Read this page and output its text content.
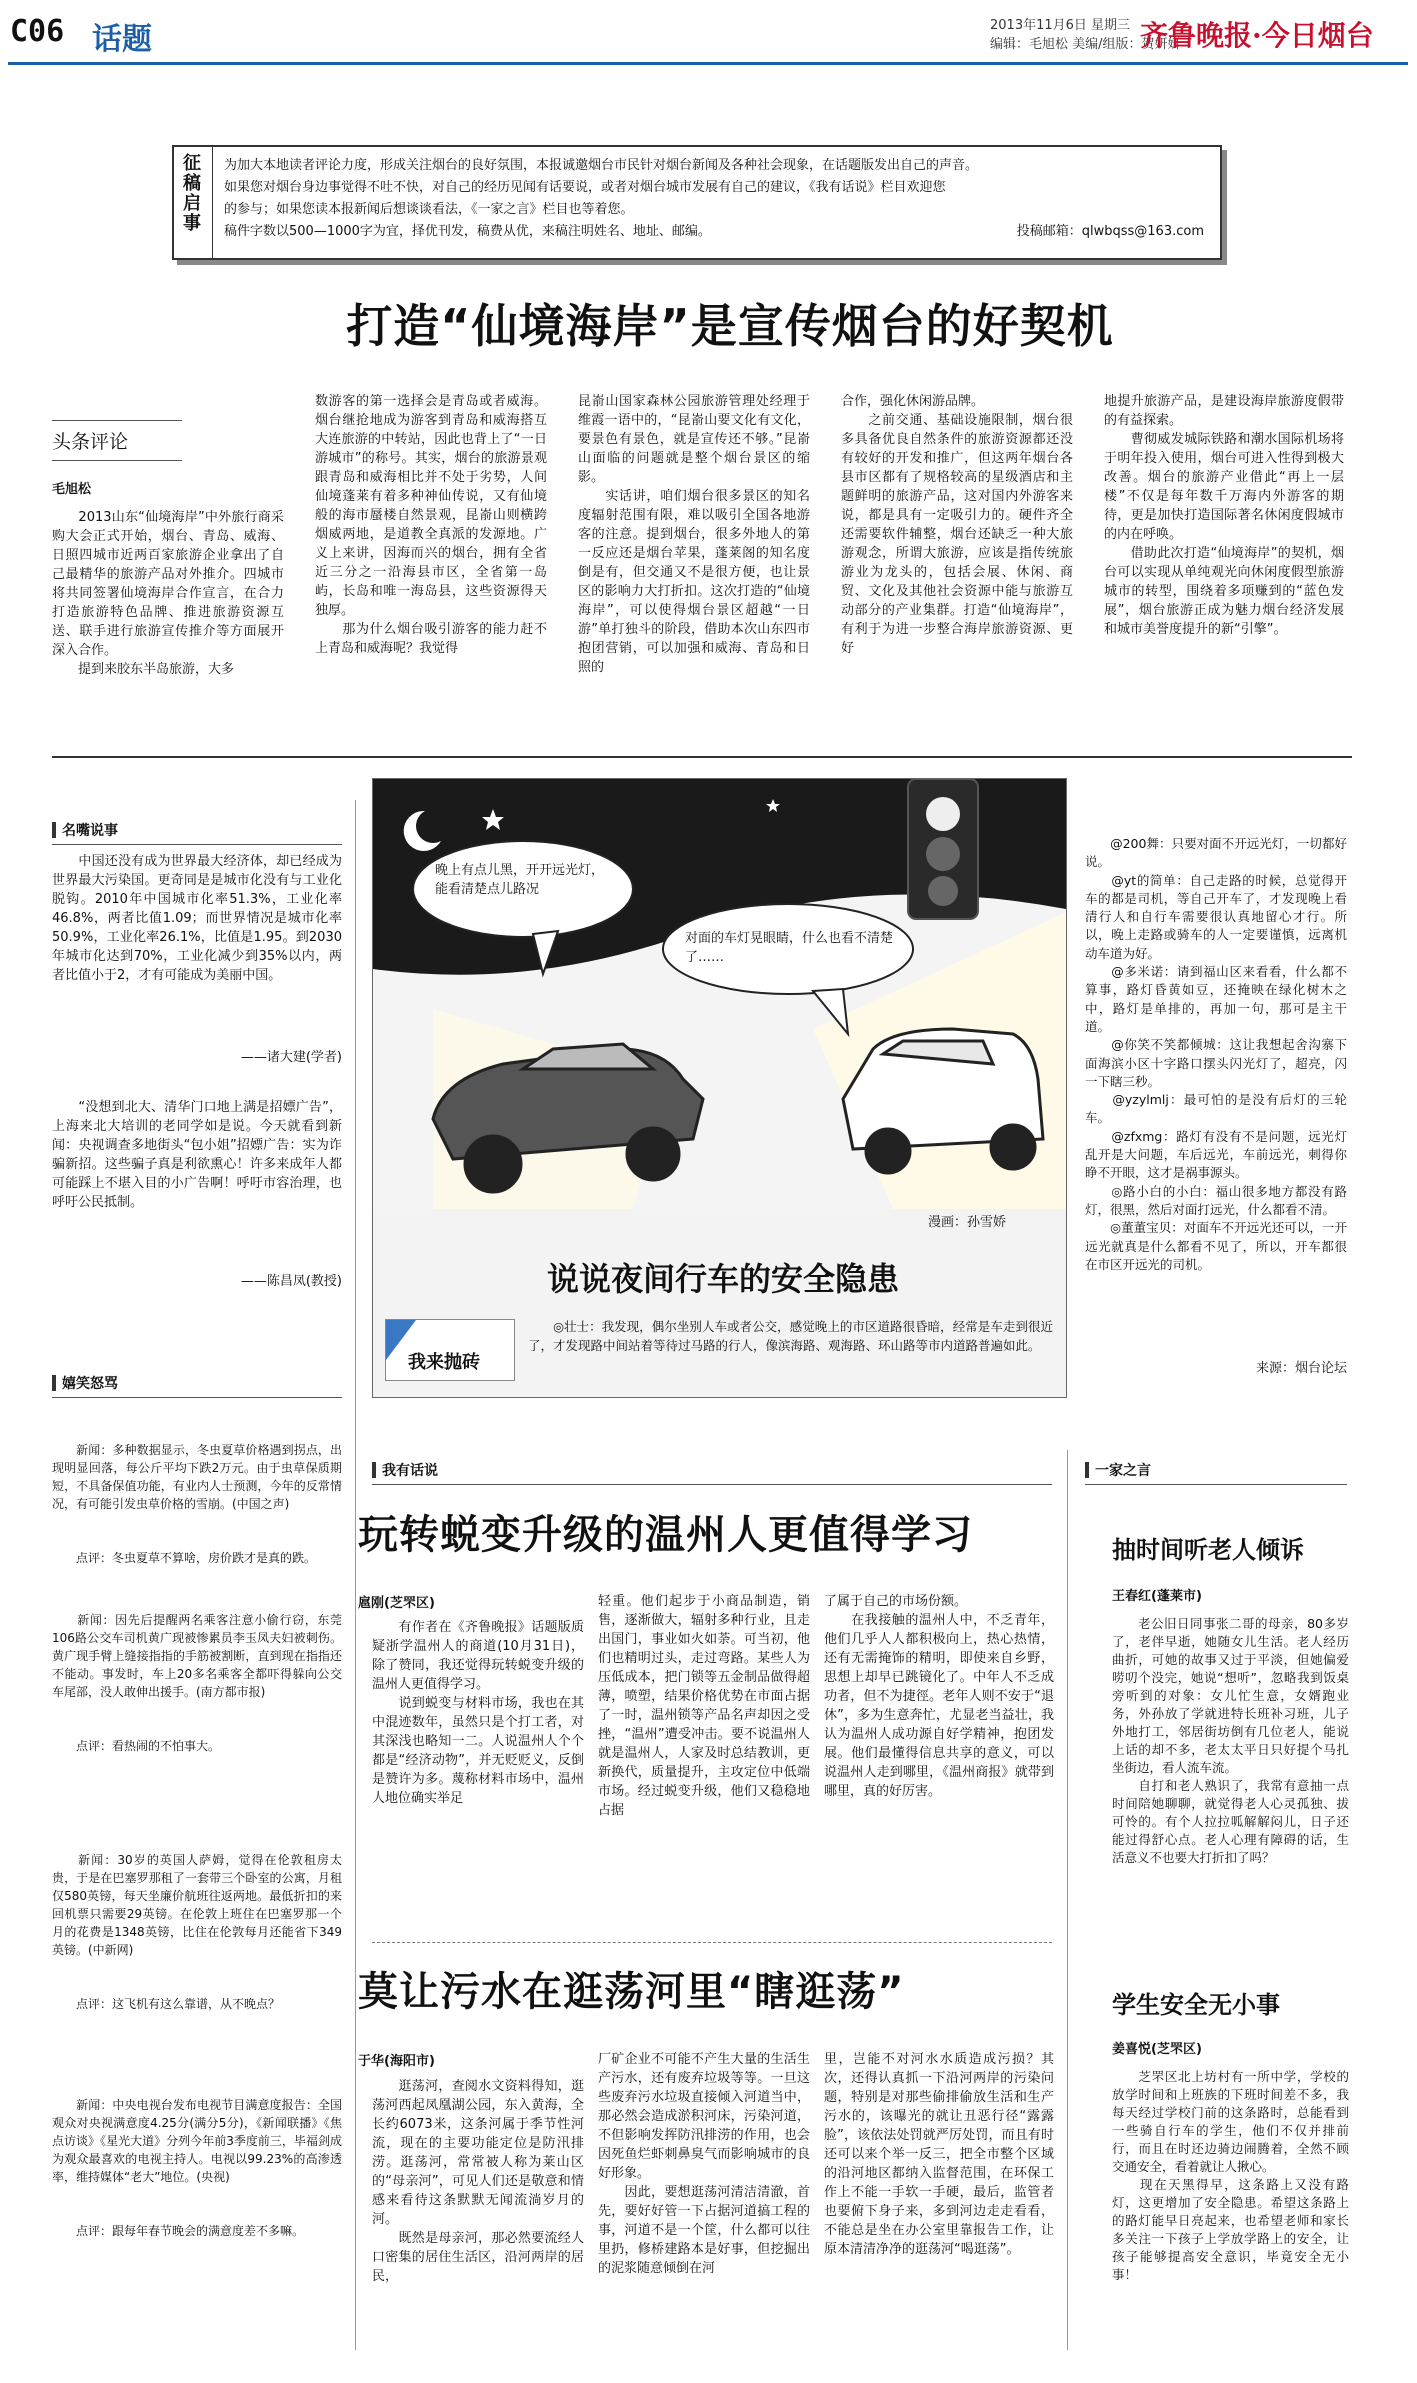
C06 话题	2013年11月6日 星期三
编辑：毛旭松 美编/组版：贺妍妍
齐鲁晚报·今日烟台
征稿启事 为加大本地读者评论力度，形成关注烟台的良好氛围，本报诚邀烟台市民针对烟台新闻及各种社会现象，在话题版发出自己的声音。
如果您对烟台身边事觉得不吐不快，对自己的经历见闻有话要说，或者对烟台城市发展有自己的建议，《我有话说》栏目欢迎您
的参与；如果您读本报新闻后想谈谈看法，《一家之言》栏目也等着您。
稿件字数以500—1000字为宜，择优刊发，稿费从优，来稿注明姓名、地址、邮编。	投稿邮箱：qlwbqss@163.com
打造“仙境海岸”是宣传烟台的好契机
头条评论
毛旭松
　　2013山东“仙境海岸”中外旅行商采购大会正式开始，烟台、青岛、威海、日照四城市近两百家旅游企业拿出了自己最精华的旅游产品对外推介。四城市将共同签署仙境海岸合作宣言，在合力打造旅游特色品牌、推进旅游资源互送、联手进行旅游宣传推介等方面展开深入合作。
　　提到来胶东半岛旅游，大多
数游客的第一选择会是青岛或者威海。烟台继抢地成为游客到青岛和威海搭互大连旅游的中转站，因此也背上了“一日游城市”的称号。其实，烟台的旅游景观跟青岛和威海相比并不处于劣势，人间仙境蓬莱有着多种神仙传说，又有仙境般的海市蜃楼自然景观，昆嵛山则横跨烟威两地，是道教全真派的发源地。广义上来讲，因海而兴的烟台，拥有全省近三分之一沿海县市区，全省第一岛屿，长岛和唯一海岛县，这些资源得天独厚。
　　那为什么烟台吸引游客的能力赶不上青岛和威海呢？我觉得
昆嵛山国家森林公园旅游管理处经理于维霞一语中的，“昆嵛山要文化有文化，要景色有景色，就是宣传还不够。”昆嵛山面临的问题就是整个烟台景区的缩影。
　　实话讲，咱们烟台很多景区的知名度辐射范围有限，难以吸引全国各地游客的注意。提到烟台，很多外地人的第一反应还是烟台苹果，蓬莱阁的知名度倒是有，但交通又不是很方便，也让景区的影响力大打折扣。这次打造的“仙境海岸”，可以使得烟台景区超越“一日游”单打独斗的阶段，借助本次山东四市抱团营销，可以加强和威海、青岛和日照的
合作，强化休闲游品牌。
　　之前交通、基础设施限制，烟台很多具备优良自然条件的旅游资源都还没有较好的开发和推广，但这两年烟台各县市区都有了规格较高的星级酒店和主题鲜明的旅游产品，这对国内外游客来说，都是具有一定吸引力的。硬件齐全还需要软件辅整，烟台还缺乏一种大旅游观念，所谓大旅游，应该是指传统旅游业为龙头的，包括会展、休闲、商贸、文化及其他社会资源中能与旅游互动部分的产业集群。打造“仙境海岸”，有利于为进一步整合海岸旅游资源、更好
地提升旅游产品，是建设海岸旅游度假带的有益探索。
　　曹彻威发城际铁路和潮水国际机场将于明年投入使用，烟台可进入性得到极大改善。烟台的旅游产业借此“再上一层楼”不仅是每年数千万海内外游客的期待，更是加快打造国际著名休闲度假城市的内在呼唤。
　　借助此次打造“仙境海岸”的契机，烟台可以实现从单纯观光向休闲度假型旅游城市的转型，围绕着多项赚到的“蓝色发展”，烟台旅游正成为魅力烟台经济发展和城市美誉度提升的新“引擎”。
名嘴说事
　　中国还没有成为世界最大经济体，却已经成为世界最大污染国。更奇同是是城市化没有与工业化脱钩。2010年中国城市化率51.3%，工业化率46.8%，两者比值1.09；而世界情况是城市化率50.9%，工业化率26.1%，比值是1.95。到2030年城市化达到70%，工业化减少到35%以内，两者比值小于2，才有可能成为美丽中国。
——诸大建(学者)
　　“没想到北大、清华门口地上满是招嫖广告”，上海来北大培训的老同学如是说。今天就看到新闻：央视调查多地街头“包小姐”招嫖广告：实为诈骗新招。这些骗子真是利欲熏心！许多来成年人都可能踩上不堪入目的小广告啊！呼吁市容治理，也呼吁公民抵制。
——陈昌凤(教授)
嬉笑怒骂

　　新闻：多种数据显示，冬虫夏草价格遇到拐点，出现明显回落，每公斤平均下跌2万元。由于虫草保质期短，不具备保值功能，有业内人士预测，今年的反常情况，有可能引发虫草价格的雪崩。(中国之声)

　　点评：冬虫夏草不算啥，房价跌才是真的跌。

　　新闻：因先后提醒两名乘客注意小偷行窃，东莞106路公交车司机黄广现被惨累员李玉凤夫妇被刺伤。黄广现手臂上缝接指指的手筋被割断，直到现在指指还不能动。事发时，车上20多名乘客全都吓得躲向公交车尾部，没人敢伸出援手。(南方都市报)

　　点评：看热闹的不怕事大。

　　新闻：30岁的英国人萨姆，觉得在伦敦租房太贵，于是在巴塞罗那租了一套带三个卧室的公寓，月租仅580英镑，每天坐廉价航班往返两地。最低折扣的来回机票只需要29英镑。在伦敦上班住在巴塞罗那一个月的花费是1348英镑，比住在伦敦每月还能省下349英镑。(中新网)

　　点评：这飞机有这么靠谱，从不晚点？

　　新闻：中央电视台发布电视节目满意度报告：全国观众对央视满意度4.25分(满分5分)，《新闻联播》《焦点访谈》《星光大道》分列今年前3季度前三，毕福剑成为观众最喜欢的电视主持人。电视以99.23%的高渗透率，维持媒体“老大”地位。(央视)

　　点评：跟每年春节晚会的满意度差不多嘛。

晚上有点儿黑，开开远光灯，能看清楚点儿路况
对面的车灯晃眼睛，什么也看不清楚了……
漫画：孙雪娇
说说夜间行车的安全隐患
我来抛砖
　　◎壮士：我发现，偶尔坐别人车或者公交，感觉晚上的市区道路很昏暗，经常是车走到很近了，才发现路中间站着等待过马路的行人，像滨海路、观海路、环山路等市内道路普遍如此。
　　@200舞：只要对面不开远光灯，一切都好说。
　　@yt的简单：自己走路的时候，总觉得开车的都是司机，等自己开车了，才发现晚上看清行人和自行车需要很认真地留心才行。所以，晚上走路或骑车的人一定要谨慎，远离机动车道为好。
　　@多米诺：请到福山区来看看，什么都不算事，路灯昏黄如豆，还掩映在绿化树木之中，路灯是单排的，再加一句，那可是主干道。
　　@你笑不笑都倾城：这让我想起舍沟寨下面海滨小区十字路口摆头闪光灯了，超亮，闪一下瞎三秒。
　　@yzylmlj：最可怕的是没有后灯的三轮车。
　　@zfxmg：路灯有没有不是问题，远光灯乱开是大问题，车后远光，车前远光，刺得你睁不开眼，这才是祸事源头。
　　◎路小白的小白：福山很多地方都没有路灯，很黑，然后对面打远光，什么都看不清。
　　◎董董宝贝：对面车不开远光还可以，一开远光就真是什么都看不见了，所以，开车都很在市区开远光的司机。
来源：烟台论坛
我有话说
玩转蜕变升级的温州人更值得学习
扈刚(芝罘区)
　　有作者在《齐鲁晚报》话题版质疑浙学温州人的商道(10月31日)，除了赞同，我还觉得玩转蜕变升级的温州人更值得学习。
　　说到蜕变与材料市场，我也在其中混迹数年，虽然只是个打工者，对其深浅也略知一二。人说温州人个个都是“经济动物”，并无贬贬义，反倒是赞许为多。蔑称材料市场中，温州人地位确实举足
轻重。他们起步于小商品制造，销售，逐渐做大，辐射多种行业，且走出国门，事业如火如荼。可当初，他们也精明过头，走过弯路。某些人为压低成本，把门锁等五金制品做得超薄，喷塑，结果价格优势在市面占据了一时，温州锁等产品名声却因之受挫，“温州”遭受冲击。要不说温州人就是温州人，人家及时总结教训，更新换代，质量提升，主攻定位中低端市场。经过蜕变升级，他们又稳稳地占据
了属于自己的市场份额。
　　在我接触的温州人中，不乏青年，他们几乎人人都积极向上，热心热情，还有无需掩饰的精明，即使来自乡野，思想上却早已跳镜化了。中年人不乏成功者，但不为捷徑。老年人则不安于“退休”，多为生意奔忙，尤显老当益壮，我认为温州人成功源自好学精神，抱团发展。他们最懂得信息共享的意义，可以说温州人走到哪里，《温州商报》就带到哪里，真的好厉害。
莫让污水在逛荡河里“瞎逛荡”
于华(海阳市)
　　逛荡河，查阅水文资料得知，逛荡河西起凤凰湖公园，东入黄海，全长约6073米，这条河属于季节性河流，现在的主要功能定位是防汛排涝。逛荡河，常常被人称为莱山区的“母亲河”，可见人们还是敬意和情感来看待这条默默无闻流淌岁月的河。
　　既然是母亲河，那必然要流经人口密集的居住生活区，沿河两岸的居民，
厂矿企业不可能不产生大量的生活生产污水，还有废弃垃圾等等。一旦这些废弃污水垃圾直接倾入河道当中，那必然会造成淤积河床，污染河道，不但影响发挥防汛排涝的作用，也会因死鱼烂虾刺鼻臭气而影响城市的良好形象。
　　因此，要想逛荡河清洁清澈，首先，要好好管一下占据河道搞工程的事，河道不是一个筐，什么都可以往里扔，修桥建路本是好事，但挖掘出的泥浆随意倾倒在河
里，岂能不对河水水质造成污损？其次，还得认真抓一下沿河两岸的污染问题，特别是对那些偷排偷放生活和生产污水的，该曝光的就让丑恶行径“露露脸”，该依法处罚就严厉处罚，而且有时还可以来个举一反三，把全市整个区域的沿河地区都纳入监督范围，在环保工作上不能一手软一手硬，最后，监管者也要俯下身子来，多到河边走走看看，不能总是坐在办公室里靠报告工作，让原本清清净净的逛荡河“喝逛荡”。
一家之言
抽时间听老人倾诉
王春红(蓬莱市)
　　老公旧日同事张二哥的母亲，80多岁了，老伴早逝，她随女儿生活。老人经历曲折，可她的故事又过于平淡，但她偏爱唠叨个没完，她说“想听”，忽略我到饭桌旁听到的对象：女儿忙生意，女婿跑业务，外孙放了学就进特长班补习班，儿子外地打工，邻居街坊倒有几位老人，能说上话的却不多，老太太平日只好提个马扎坐街边，看人流车流。
　　自打和老人熟识了，我常有意抽一点时间陪她聊聊，就觉得老人心灵孤独、拔可怜的。有个人拉拉呱解解闷儿，日子还能过得舒心点。老人心理有障碍的话，生活意义不也要大打折扣了吗？
学生安全无小事
姜喜悦(芝罘区)
　　芝罘区北上坊村有一所中学，学校的放学时间和上班族的下班时间差不多，我每天经过学校门前的这条路时，总能看到一些骑自行车的学生，他们不仅并排前行，而且在时还边骑边闹腾着，全然不顾交通安全，看着就让人揪心。
　　现在天黑得早，这条路上又没有路灯，这更增加了安全隐患。希望这条路上的路灯能早日亮起来，也希望老师和家长多关注一下孩子上学放学路上的安全，让孩子能够提高安全意识，毕竟安全无小事！
